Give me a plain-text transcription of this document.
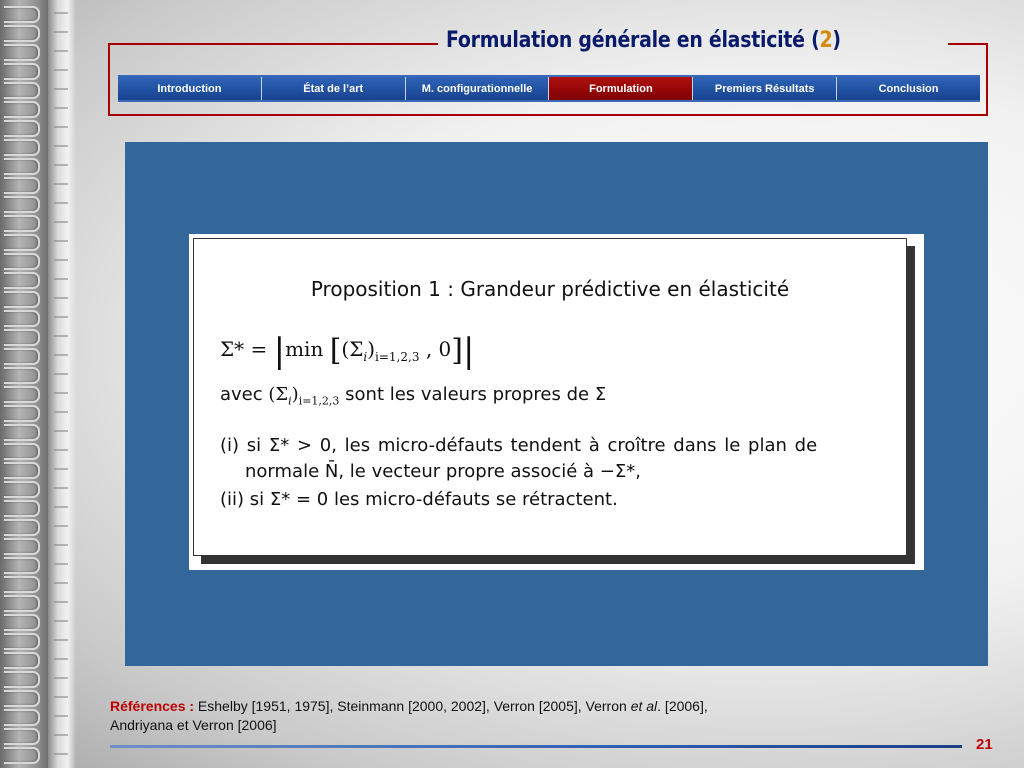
Formulation générale en élasticité (2)
Introduction	État de l’art	M. configurationnelle	Formulation	Premiers Résultats	Conclusion
Proposition 1 : Grandeur prédictive en élasticité
Σ* = |min [$(\Sigma_i)_{i=1,2,3}$ , 0]|
avec $(\Sigma_i)_{i=1,2,3}$ sont les valeurs propres de Σ
(i) si Σ* > 0, les micro-défauts tendent à croître dans le plan de
normale N̄, le vecteur propre associé à −Σ*,
(ii) si Σ* = 0 les micro-défauts se rétractent.
Références : Eshelby [1951, 1975], Steinmann [2000, 2002], Verron [2005], Verron et al. [2006],
Andriyana et Verron [2006]
21
